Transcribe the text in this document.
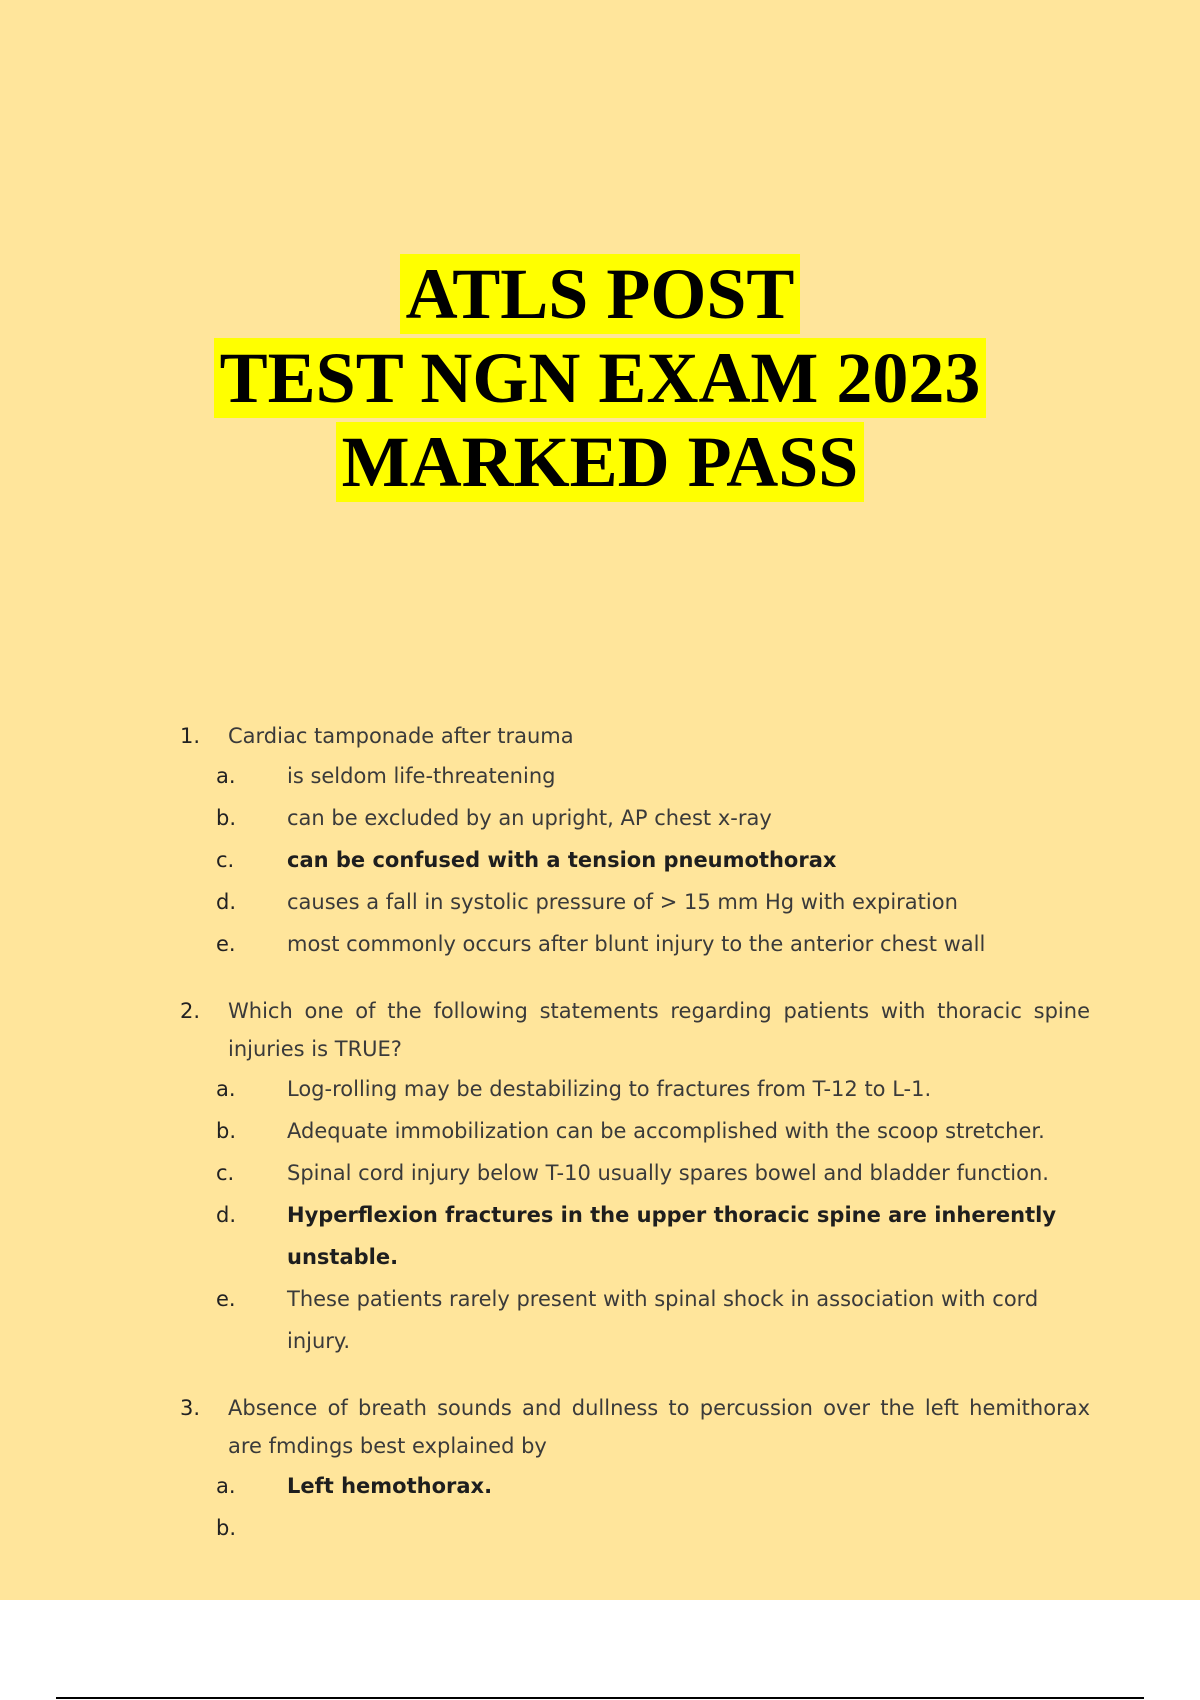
ATLS POST
TEST NGN EXAM 2023
MARKED PASS
1.	Cardiac tamponade after trauma
a.	is seldom life-threatening
b.	can be excluded by an upright, AP chest x-ray
c.	can be confused with a tension pneumothorax
d.	causes a fall in systolic pressure of > 15 mm Hg with expiration
e.	most commonly occurs after blunt injury to the anterior chest wall
2.	Which one of the following statements regarding patients with thoracic spine injuries is TRUE?
a.	Log-rolling may be destabilizing to fractures from T-12 to L-1.
b.	Adequate immobilization can be accomplished with the scoop stretcher.
c.	Spinal cord injury below T-10 usually spares bowel and bladder function.
d.	Hyperflexion fractures in the upper thoracic spine are inherently unstable.
e.	These patients rarely present with spinal shock in association with cord injury.
3.	Absence of breath sounds and dullness to percussion over the left hemithorax are fmdings best explained by
a.	Left hemothorax.
b.
